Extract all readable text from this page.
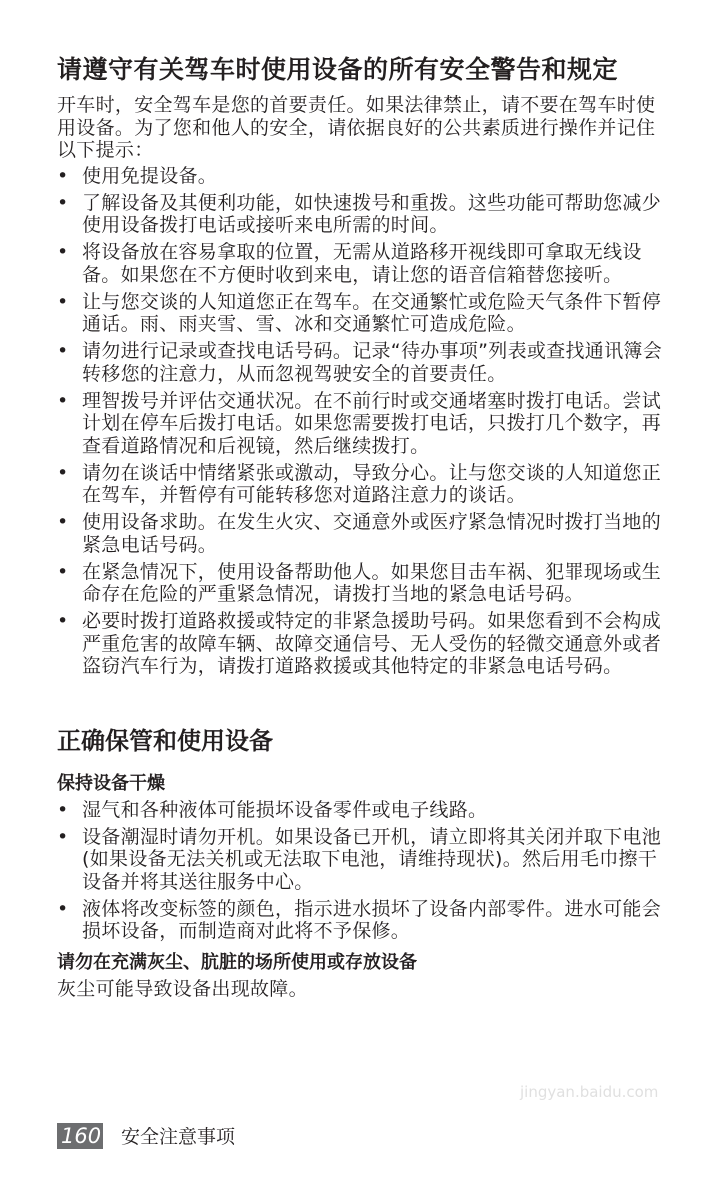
请遵守有关驾车时使用设备的所有安全警告和规定

开车时，安全驾车是您的首要责任。如果法律禁止，请不要在驾车时使用设备。为了您和他人的安全，请依据良好的公共素质进行操作并记住以下提示：

• 使用免提设备。
• 了解设备及其便利功能，如快速拨号和重拨。这些功能可帮助您减少使用设备拨打电话或接听来电所需的时间。
• 将设备放在容易拿取的位置，无需从道路移开视线即可拿取无线设备。如果您在不方便时收到来电，请让您的语音信箱替您接听。
• 让与您交谈的人知道您正在驾车。在交通繁忙或危险天气条件下暂停通话。雨、雨夹雪、雪、冰和交通繁忙可造成危险。
• 请勿进行记录或查找电话号码。记录“待办事项”列表或查找通讯簿会转移您的注意力，从而忽视驾驶安全的首要责任。
• 理智拨号并评估交通状况。在不前行时或交通堵塞时拨打电话。尝试计划在停车后拨打电话。如果您需要拨打电话，只拨打几个数字，再查看道路情况和后视镜，然后继续拨打。
• 请勿在谈话中情绪紧张或激动，导致分心。让与您交谈的人知道您正在驾车，并暂停有可能转移您对道路注意力的谈话。
• 使用设备求助。在发生火灾、交通意外或医疗紧急情况时拨打当地的紧急电话号码。
• 在紧急情况下，使用设备帮助他人。如果您目击车祸、犯罪现场或生命存在危险的严重紧急情况，请拨打当地的紧急电话号码。
• 必要时拨打道路救援或特定的非紧急援助号码。如果您看到不会构成严重危害的故障车辆、故障交通信号、无人受伤的轻微交通意外或者盗窃汽车行为，请拨打道路救援或其他特定的非紧急电话号码。
正确保管和使用设备
保持设备干燥
• 湿气和各种液体可能损坏设备零件或电子线路。
• 设备潮湿时请勿开机。如果设备已开机，请立即将其关闭并取下电池 (如果设备无法关机或无法取下电池，请维持现状)。然后用毛巾擦干设备并将其送往服务中心。
• 液体将改变标签的颜色，指示进水损坏了设备内部零件。进水可能会损坏设备，而制造商对此将不予保修。
请勿在充满灰尘、肮脏的场所使用或存放设备

灰尘可能导致设备出现故障。

160 安全注意事项
jingyan.baidu.com
